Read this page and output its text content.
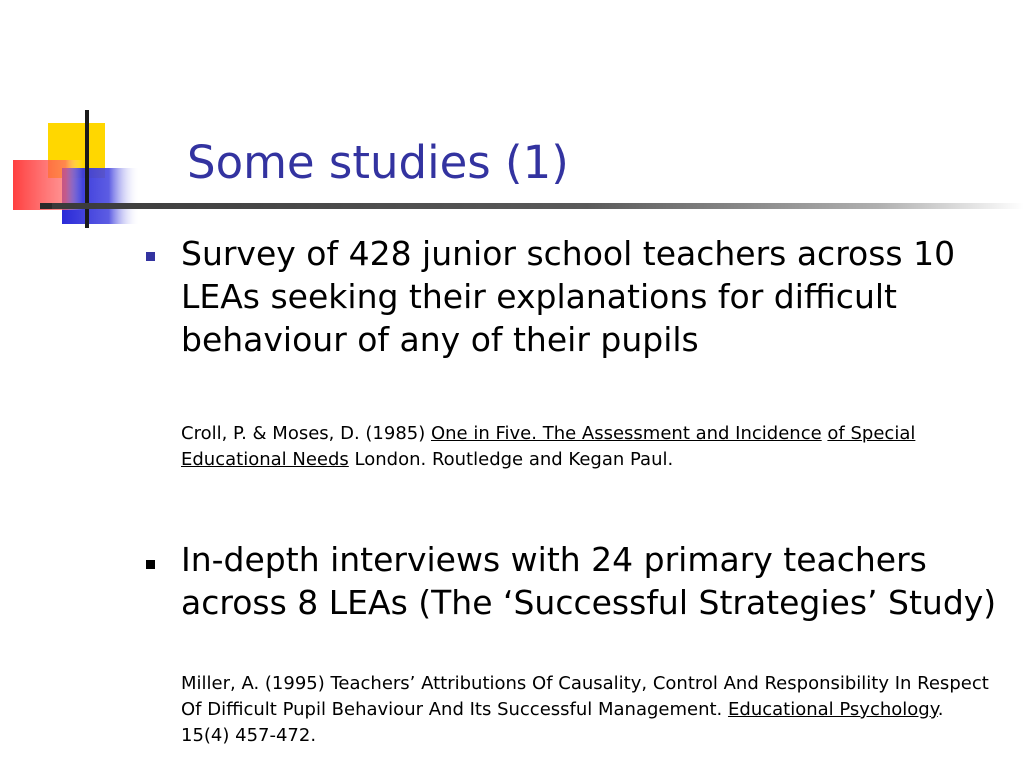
Some studies (1)
Survey of 428 junior school teachers across 10 LEAs seeking their explanations for difficult behaviour of any of their pupils
Croll, P. & Moses, D. (1985) One in Five. The Assessment and Incidence of Special Educational Needs London. Routledge and Kegan Paul.
In-depth interviews with 24 primary teachers across 8 LEAs (The ‘Successful Strategies’ Study)
Miller, A. (1995) Teachers’ Attributions Of Causality, Control And Responsibility In Respect Of Difficult Pupil Behaviour And Its Successful Management. Educational Psychology. 15(4) 457-472.
